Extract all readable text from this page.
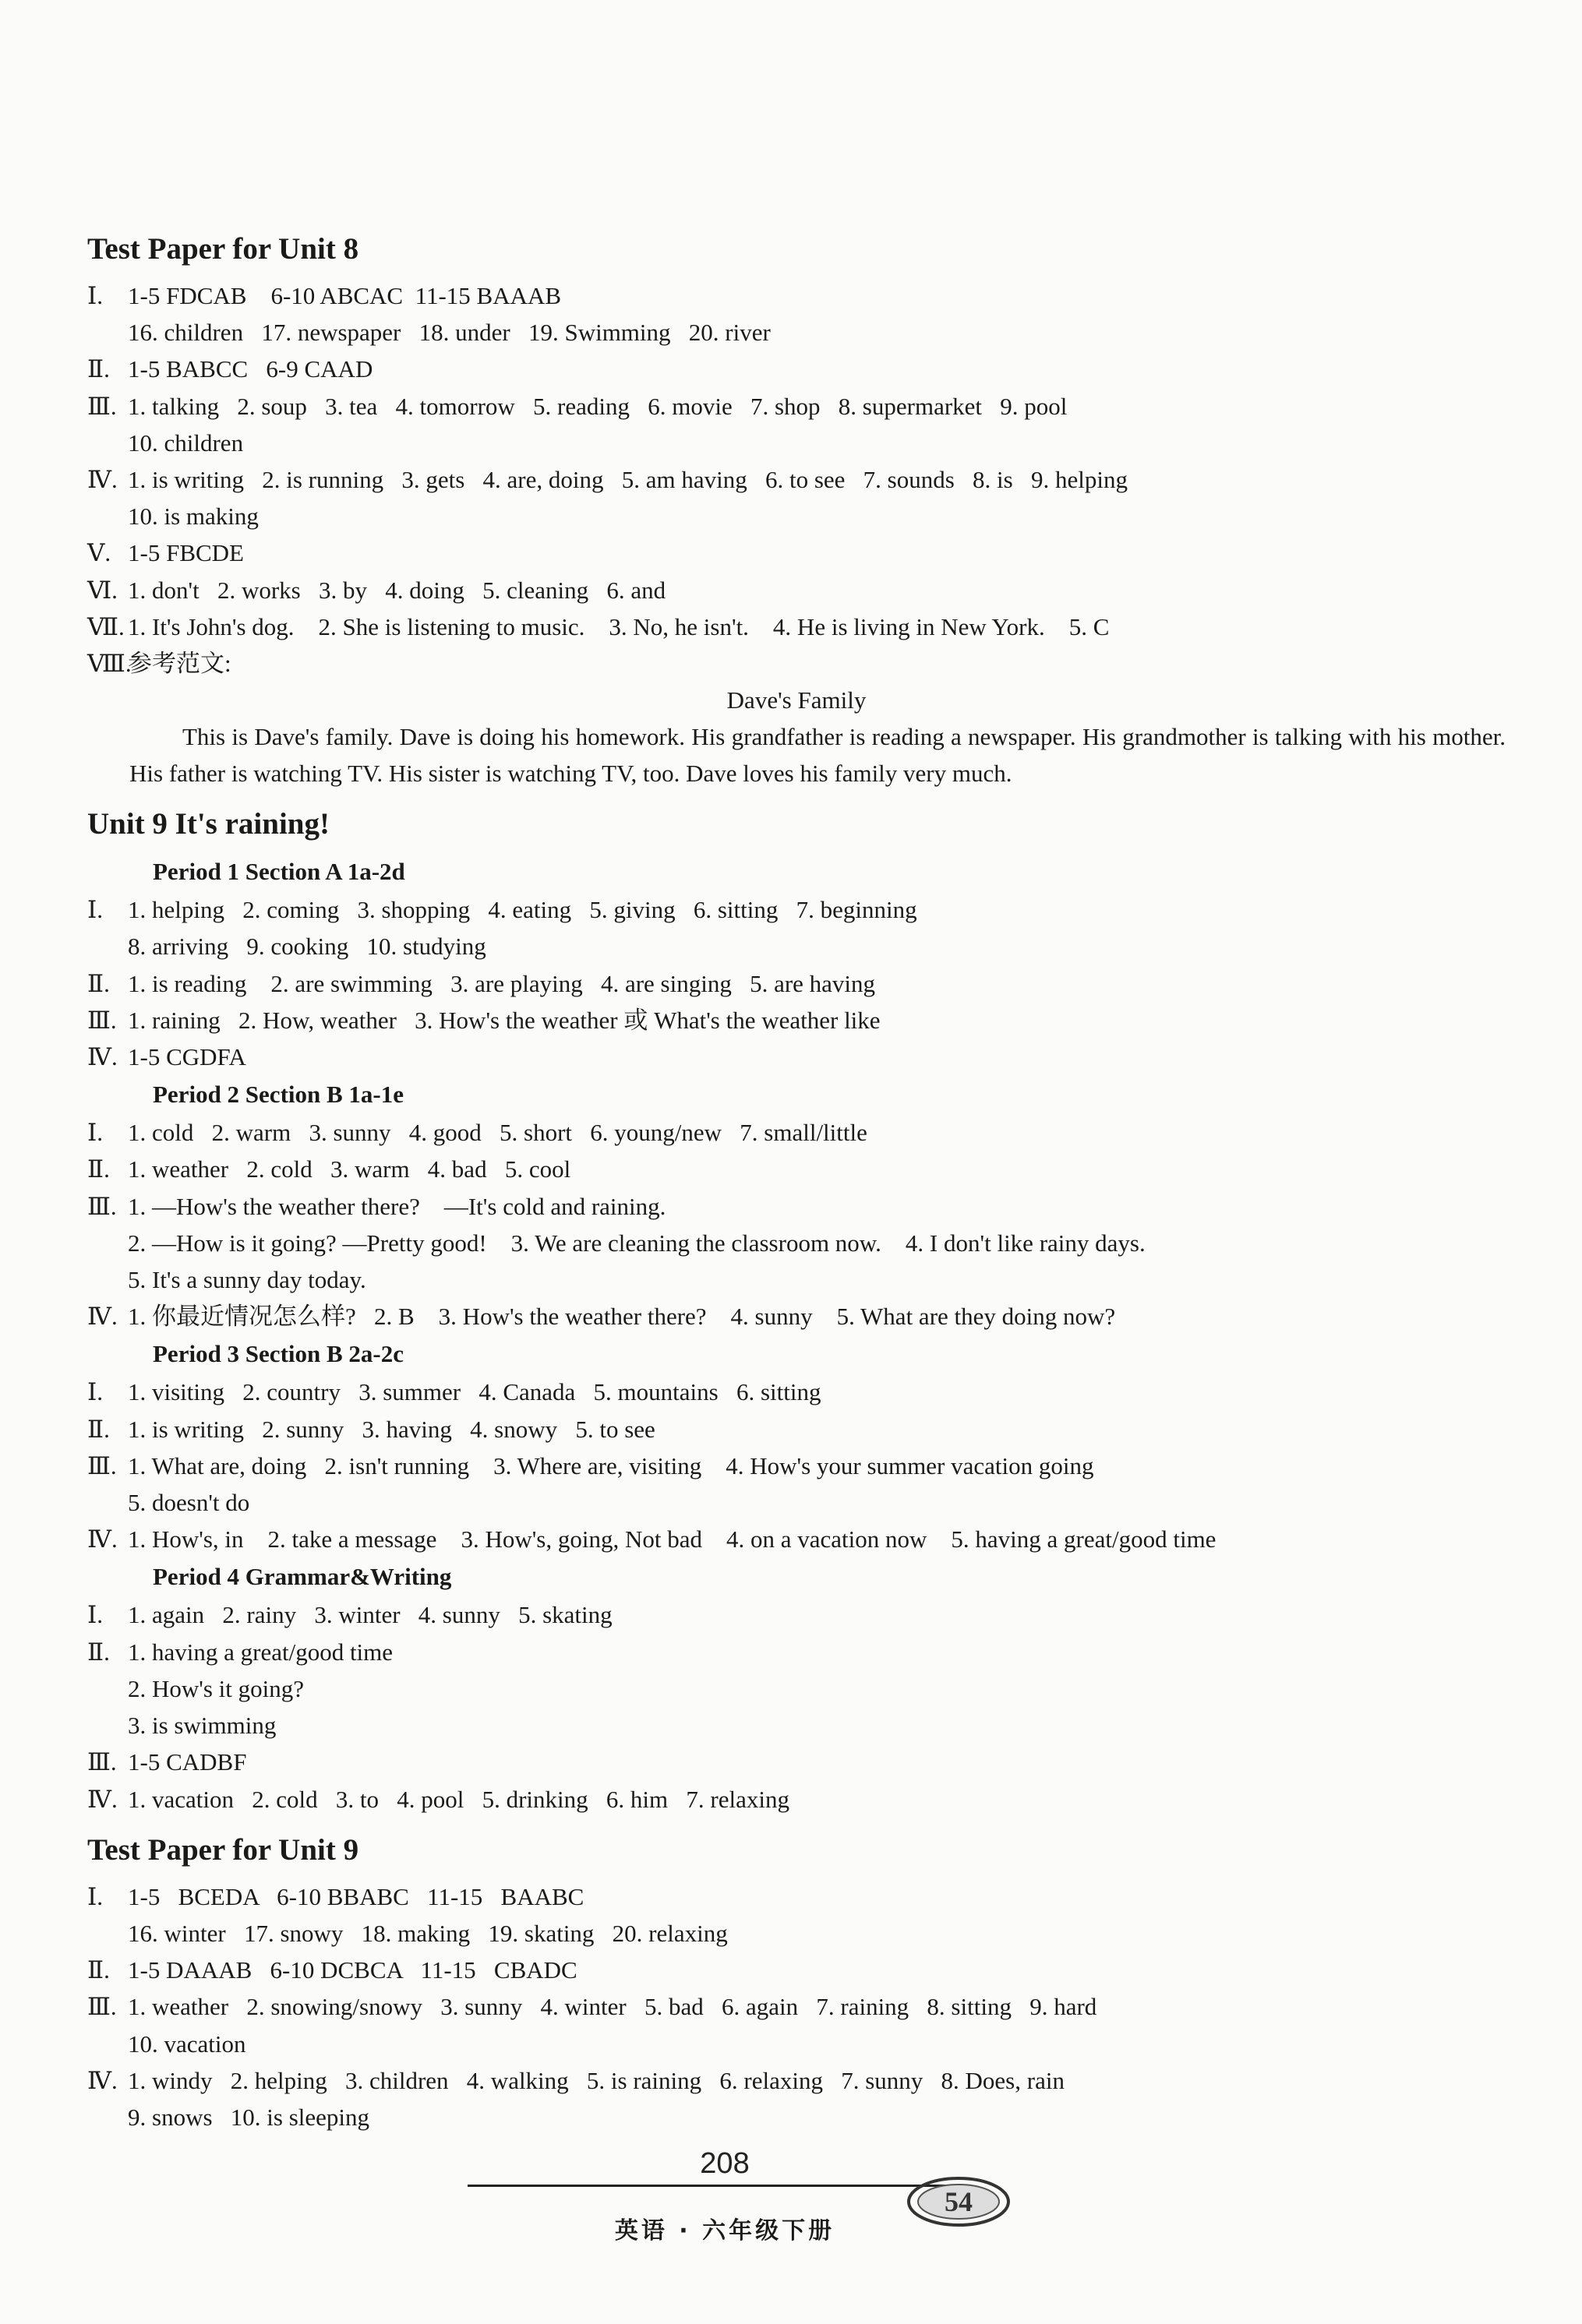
Test Paper for Unit 8
Ⅰ. 1-5 FDCAB    6-10 ABCAC  11-15 BAAAB
16. children   17. newspaper   18. under   19. Swimming   20. river
Ⅱ. 1-5 BABCC   6-9 CAAD
Ⅲ. 1. talking   2. soup   3. tea   4. tomorrow   5. reading   6. movie   7. shop   8. supermarket   9. pool
10. children
Ⅳ. 1. is writing   2. is running   3. gets   4. are, doing   5. am having   6. to see   7. sounds   8. is   9. helping
10. is making
Ⅴ. 1-5 FBCDE
Ⅵ. 1. don't   2. works   3. by   4. doing   5. cleaning   6. and
Ⅶ. 1. It's John's dog.    2. She is listening to music.    3. No, he isn't.    4. He is living in New York.    5. C
Ⅷ.参考范文:
Dave's Family
This is Dave's family. Dave is doing his homework. His grandfather is reading a newspaper. His grandmother is talking with his mother. His father is watching TV. His sister is watching TV, too. Dave loves his family very much.
Unit 9 It's raining!
Period 1 Section A 1a-2d
Ⅰ. 1. helping   2. coming   3. shopping   4. eating   5. giving   6. sitting   7. beginning
8. arriving   9. cooking   10. studying
Ⅱ. 1. is reading    2. are swimming   3. are playing   4. are singing   5. are having
Ⅲ. 1. raining   2. How, weather   3. How's the weather 或 What's the weather like
Ⅳ. 1-5 CGDFA
Period 2 Section B 1a-1e
Ⅰ. 1. cold   2. warm   3. sunny   4. good   5. short   6. young/new   7. small/little
Ⅱ. 1. weather   2. cold   3. warm   4. bad   5. cool
Ⅲ. 1. —How's the weather there?    —It's cold and raining.
2. —How is it going? —Pretty good!    3. We are cleaning the classroom now.    4. I don't like rainy days.
5. It's a sunny day today.
Ⅳ. 1. 你最近情况怎么样?   2. B    3. How's the weather there?    4. sunny    5. What are they doing now?
Period 3 Section B 2a-2c
Ⅰ. 1. visiting   2. country   3. summer   4. Canada   5. mountains   6. sitting
Ⅱ. 1. is writing   2. sunny   3. having   4. snowy   5. to see
Ⅲ. 1. What are, doing   2. isn't running    3. Where are, visiting    4. How's your summer vacation going
5. doesn't do
Ⅳ. 1. How's, in    2. take a message    3. How's, going, Not bad    4. on a vacation now    5. having a great/good time
Period 4 Grammar&Writing
Ⅰ. 1. again   2. rainy   3. winter   4. sunny   5. skating
Ⅱ. 1. having a great/good time
2. How's it going?
3. is swimming
Ⅲ. 1-5 CADBF
Ⅳ. 1. vacation   2. cold   3. to   4. pool   5. drinking   6. him   7. relaxing
Test Paper for Unit 9
Ⅰ. 1-5   BCEDA   6-10 BBABC   11-15   BAABC
16. winter   17. snowy   18. making   19. skating   20. relaxing
Ⅱ. 1-5 DAAAB   6-10 DCBCA   11-15   CBADC
Ⅲ. 1. weather   2. snowing/snowy   3. sunny   4. winter   5. bad   6. again   7. raining   8. sitting   9. hard
10. vacation
Ⅳ. 1. windy   2. helping   3. children   4. walking   5. is raining   6. relaxing   7. sunny   8. Does, rain
9. snows   10. is sleeping
208
英语 · 六年级下册
54
